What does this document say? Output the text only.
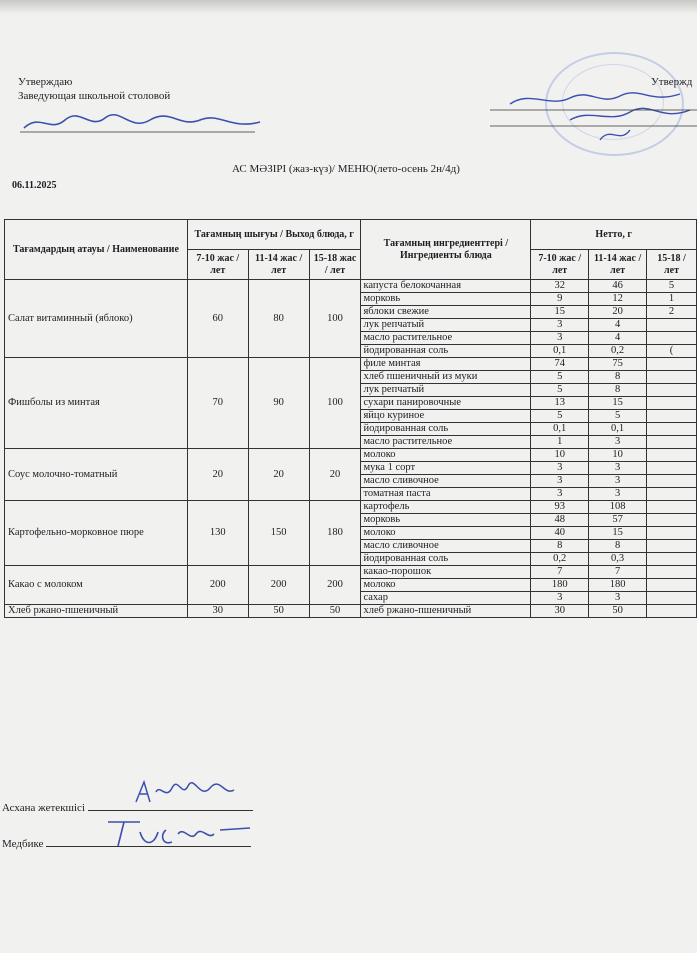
Утверждаю
Заведующая школьной столовой
Утвержд
АС МӘЗІРІ (жаз-күз)/ МЕНЮ(лето-осень 2н/4д)
06.11.2025
Тағамдардың атауы / Наименование	Тағамның шығуы / Выход блюда, г			Тағамның ингредиенттері / Ингредиенты блюда	Нетто, г		
	7-10 жас / лет	11-14 жас / лет	15-18 жас / лет		7-10 жас / лет	11-14 жас / лет	15-18 / лет
Салат витаминный (яблоко)	60	80	100	капуста белокочанная	32	46	5
				морковь	9	12	1
				яблоки свежие	15	20	2
				лук репчатый	3	4	
				масло растительное	3	4	
				йодированная соль	0,1	0,2	(
Фишболы из минтая	70	90	100	филе минтая	74	75	
				хлеб пшеничный из муки	5	8	
				лук репчатый	5	8	
				сухари панировочные	13	15	
				яйцо куриное	5	5	
				йодированная соль	0,1	0,1	
				масло растительное	1	3	
Соус молочно-томатный	20	20	20	молоко	10	10	
				мука 1 сорт	3	3	
				масло сливочное	3	3	
				томатная паста	3	3	
Картофельно-морковное пюре	130	150	180	картофель	93	108	
				морковь	48	57	
				молоко	40	15	
				масло сливочное	8	8	
				йодированная соль	0,2	0,3	
Какао с молоком	200	200	200	какао-порошок	7	7	
				молоко	180	180	
				сахар	3	3	
Хлеб ржано-пшеничный	30	50	50	хлеб ржано-пшеничный	30	50	
Асхана жетекшісі
Медбике
